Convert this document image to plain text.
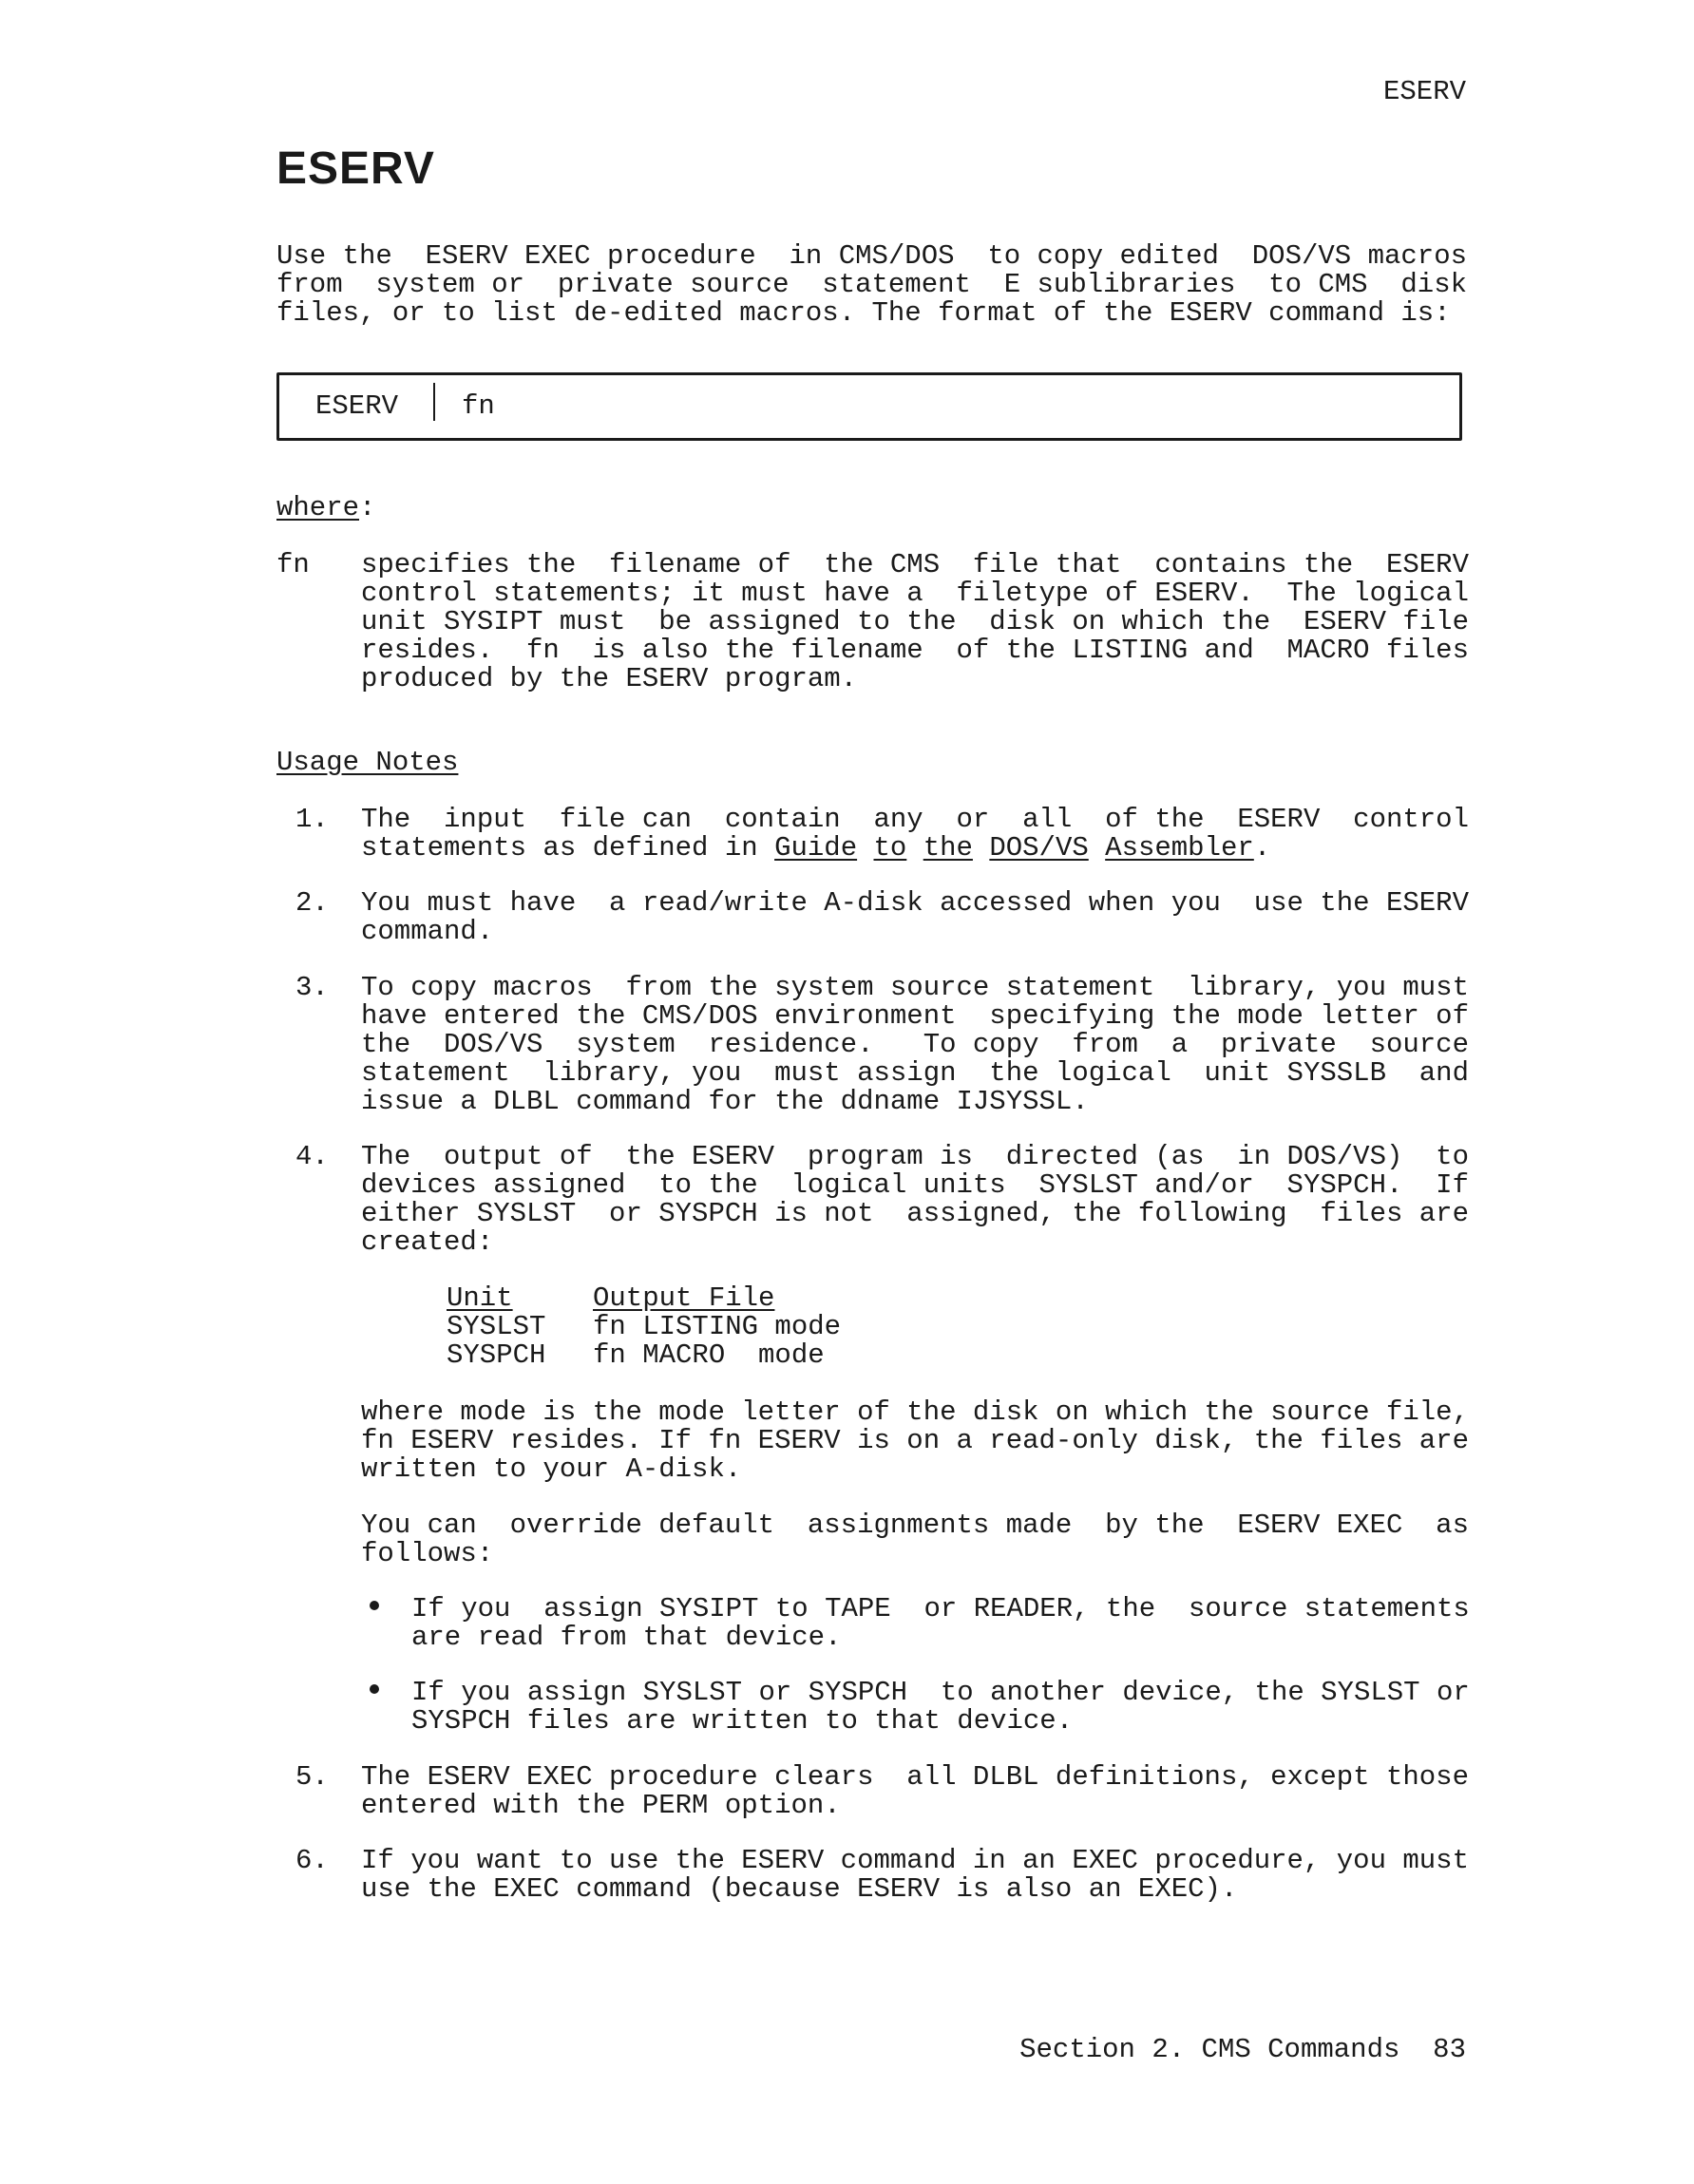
ESERV
ESERV
Use the  ESERV EXEC procedure  in CMS/DOS  to copy edited  DOS/VS macros
from  system or  private source  statement  E sublibraries  to CMS  disk
files, or to list de-edited macros. The format of the ESERV command is:
ESERV fn
where:
fn specifies the  filename of  the CMS  file that  contains the  ESERV
control statements; it must have a  filetype of ESERV.  The logical
unit SYSIPT must  be assigned to the  disk on which the  ESERV file
resides.  fn  is also the filename  of the LISTING and  MACRO files
produced by the ESERV program.
Usage Notes
1. The  input  file can  contain  any  or  all  of the  ESERV  control
statements as defined in Guide to the DOS/VS Assembler.
2. You must have  a read/write A-disk accessed when you  use the ESERV
command.
3. To copy macros  from the system source statement  library, you must
have entered the CMS/DOS environment  specifying the mode letter of
the  DOS/VS  system  residence.   To copy  from  a  private  source
statement  library, you  must assign  the logical  unit SYSSLB  and
issue a DLBL command for the ddname IJSYSSL.
4. The  output of  the ESERV  program is  directed (as  in DOS/VS)  to
devices assigned  to the  logical units  SYSLST and/or  SYSPCH.  If
either SYSLST  or SYSPCH is not  assigned, the following  files are
created:
Unit	Output File
SYSLST fn LISTING mode
SYSPCH fn MACRO  mode
where mode is the mode letter of the disk on which the source file,
fn ESERV resides. If fn ESERV is on a read-only disk, the files are
written to your A-disk.
You can  override default  assignments made  by the  ESERV EXEC  as
follows:
If you  assign SYSIPT to TAPE  or READER, the  source statements
are read from that device.
If you assign SYSLST or SYSPCH  to another device, the SYSLST or
SYSPCH files are written to that device.
5. The ESERV EXEC procedure clears  all DLBL definitions, except those
entered with the PERM option.
6. If you want to use the ESERV command in an EXEC procedure, you must
use the EXEC command (because ESERV is also an EXEC).
Section 2. CMS Commands  83
